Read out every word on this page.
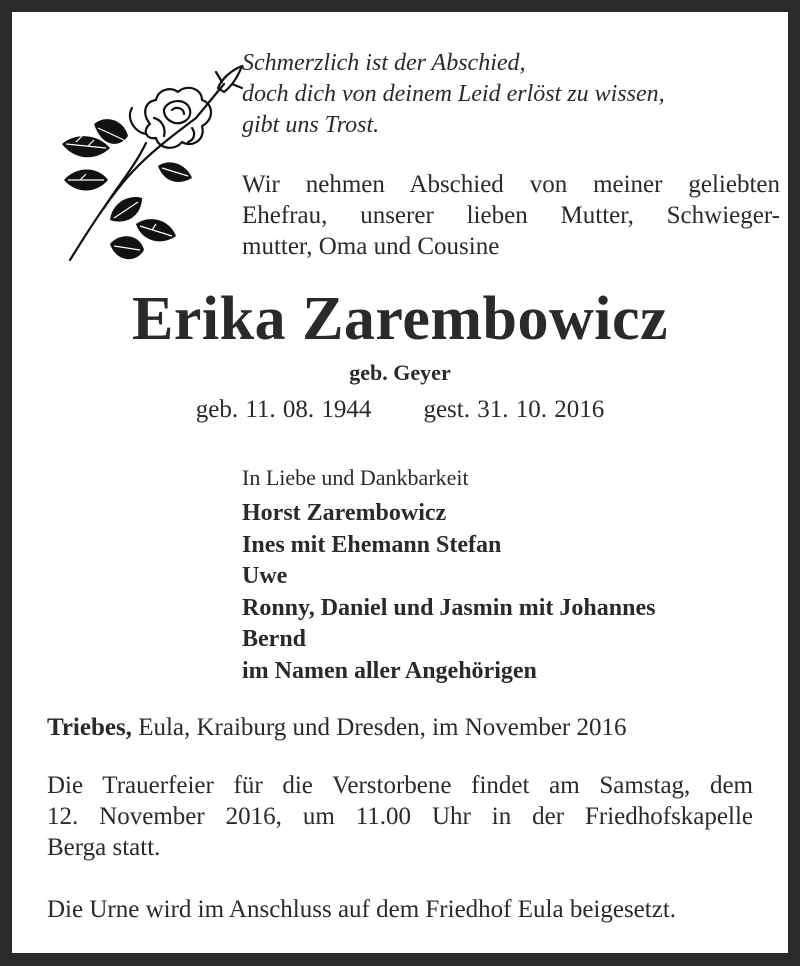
Schmerzlich ist der Abschied,
doch dich von deinem Leid erlöst zu wissen,
gibt uns Trost.
Wir nehmen Abschied von meiner geliebten
Ehefrau, unserer lieben Mutter, Schwieger-
mutter, Oma und Cousine
Erika Zarembowicz
geb. Geyer
geb. 11. 08. 1944 gest. 31. 10. 2016
In Liebe und Dankbarkeit
Horst Zarembowicz
Ines mit Ehemann Stefan
Uwe
Ronny, Daniel und Jasmin mit Johannes
Bernd
im Namen aller Angehörigen
Triebes, Eula, Kraiburg und Dresden, im November 2016
Die Trauerfeier für die Verstorbene findet am Samstag, dem
12. November 2016, um 11.00 Uhr in der Friedhofskapelle
Berga statt.
Die Urne wird im Anschluss auf dem Friedhof Eula beigesetzt.
